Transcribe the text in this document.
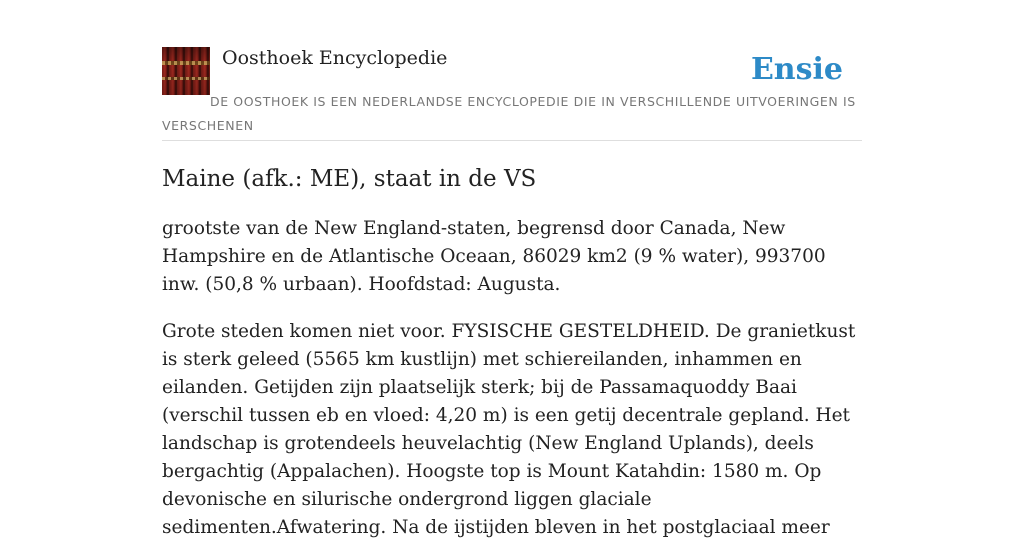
Oosthoek Encyclopedie	Ensie
DE OOSTHOEK IS EEN NEDERLANDSE ENCYCLOPEDIE DIE IN VERSCHILLENDE UITVOERINGEN IS VERSCHENEN
Maine (afk.: ME), staat in de VS

grootste van de New England-staten, begrensd door Canada, New Hampshire en de Atlantische Oceaan, 86029 km2 (9 % water), 993700 inw. (50,8 % urbaan). Hoofdstad: Augusta.

Grote steden komen niet voor. FYSISCHE GESTELDHEID. De granietkust is sterk geleed (5565 km kustlijn) met schiereilanden, inhammen en eilanden. Getijden zijn plaatselijk sterk; bij de Passamaquoddy Baai (verschil tussen eb en vloed: 4,20 m) is een getij decentrale gepland. Het landschap is grotendeels heuvelachtig (New England Uplands), deels bergachtig (Appalachen). Hoogste top is Mount Katahdin: 1580 m. Op devonische en silurische ondergrond liggen glaciale sedimenten.Afwatering. Na de ijstijden bleven in het postglaciaal meer
